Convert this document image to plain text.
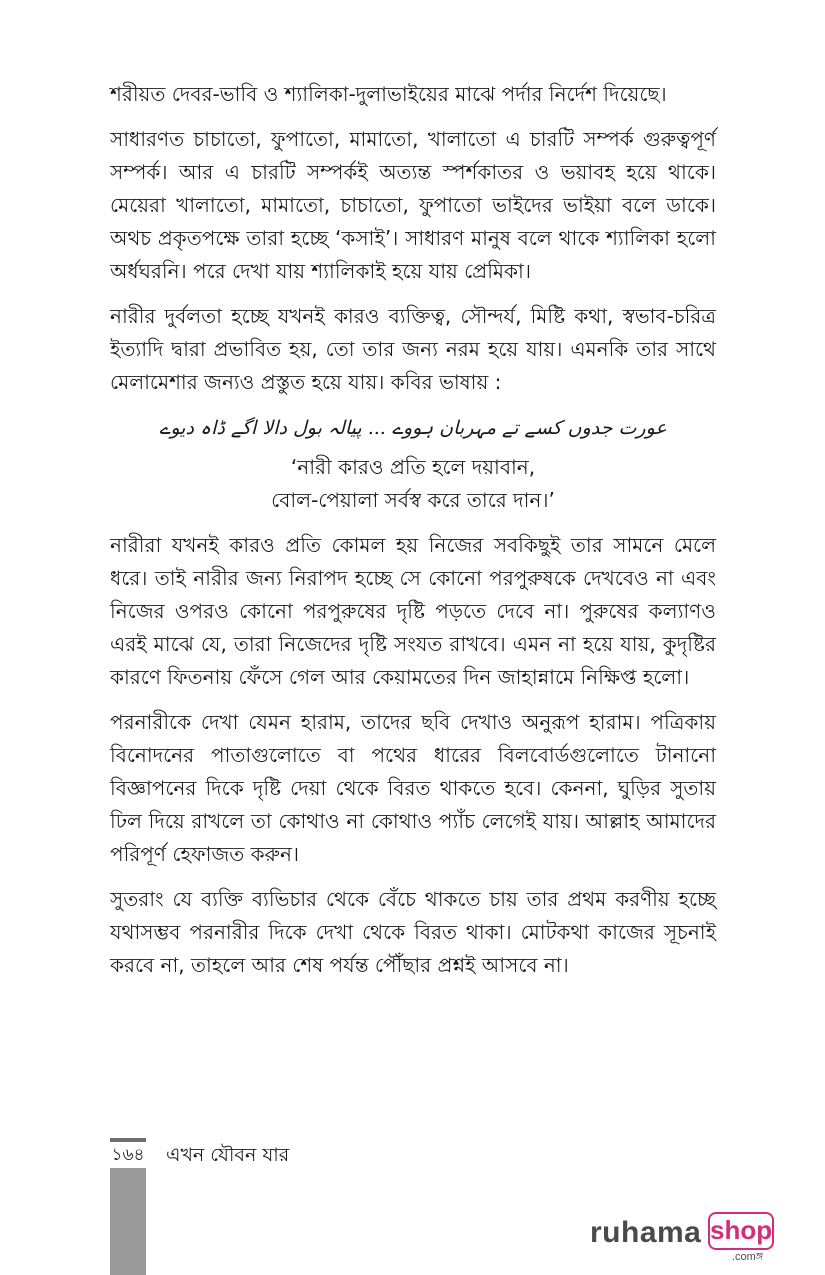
শরীয়ত দেবর-ভাবি ও শ্যালিকা-দুলাভাইয়ের মাঝে পর্দার নির্দেশ দিয়েছে।

সাধারণত চাচাতো, ফুপাতো, মামাতো, খালাতো এ চারটি সম্পর্ক গুরুত্বপূর্ণ সম্পর্ক। আর এ চারটি সম্পর্কই অত্যন্ত স্পর্শকাতর ও ভয়াবহ হয়ে থাকে। মেয়েরা খালাতো, মামাতো, চাচাতো, ফুপাতো ভাইদের ভাইয়া বলে ডাকে। অথচ প্রকৃতপক্ষে তারা হচ্ছে ‘কসাই’। সাধারণ মানুষ বলে থাকে শ্যালিকা হলো অর্ধঘরনি। পরে দেখা যায় শ্যালিকাই হয়ে যায় প্রেমিকা।

নারীর দুর্বলতা হচ্ছে যখনই কারও ব্যক্তিত্ব, সৌন্দর্য, মিষ্টি কথা, স্বভাব-চরিত্র ইত্যাদি দ্বারা প্রভাবিত হয়, তো তার জন্য নরম হয়ে যায়। এমনকি তার সাথে মেলামেশার জন্যও প্রস্তুত হয়ে যায়। কবির ভাষায় :

عورت جدوں کسے تے مہربان ہووے ... پیالہ بول دالا اگے ڈاہ دیوے
‘নারী কারও প্রতি হলে দয়াবান,
বোল-পেয়ালা সর্বস্ব করে তারে দান।’

নারীরা যখনই কারও প্রতি কোমল হয় নিজের সবকিছুই তার সামনে মেলে ধরে। তাই নারীর জন্য নিরাপদ হচ্ছে সে কোনো পরপুরুষকে দেখবেও না এবং নিজের ওপরও কোনো পরপুরুষের দৃষ্টি পড়তে দেবে না। পুরুষের কল্যাণও এরই মাঝে যে, তারা নিজেদের দৃষ্টি সংযত রাখবে। এমন না হয়ে যায়, কুদৃষ্টির কারণে ফিতনায় ফেঁসে গেল আর কেয়ামতের দিন জাহান্নামে নিক্ষিপ্ত হলো।

পরনারীকে দেখা যেমন হারাম, তাদের ছবি দেখাও অনুরূপ হারাম। পত্রিকায় বিনোদনের পাতাগুলোতে বা পথের ধারের বিলবোর্ডগুলোতে টানানো বিজ্ঞাপনের দিকে দৃষ্টি দেয়া থেকে বিরত থাকতে হবে। কেননা, ঘুড়ির সুতায় ঢিল দিয়ে রাখলে তা কোথাও না কোথাও প্যাঁচ লেগেই যায়। আল্লাহ আমাদের পরিপূর্ণ হেফাজত করুন।

সুতরাং যে ব্যক্তি ব্যভিচার থেকে বেঁচে থাকতে চায় তার প্রথম করণীয় হচ্ছে যথাসম্ভব পরনারীর দিকে দেখা থেকে বিরত থাকা। মোটকথা কাজের সূচনাই করবে না, তাহলে আর শেষ পর্যন্ত পৌঁছার প্রশ্নই আসবে না।

১৬৪ এখন যৌবন যার
ruhama shop
.comঙ্গ
